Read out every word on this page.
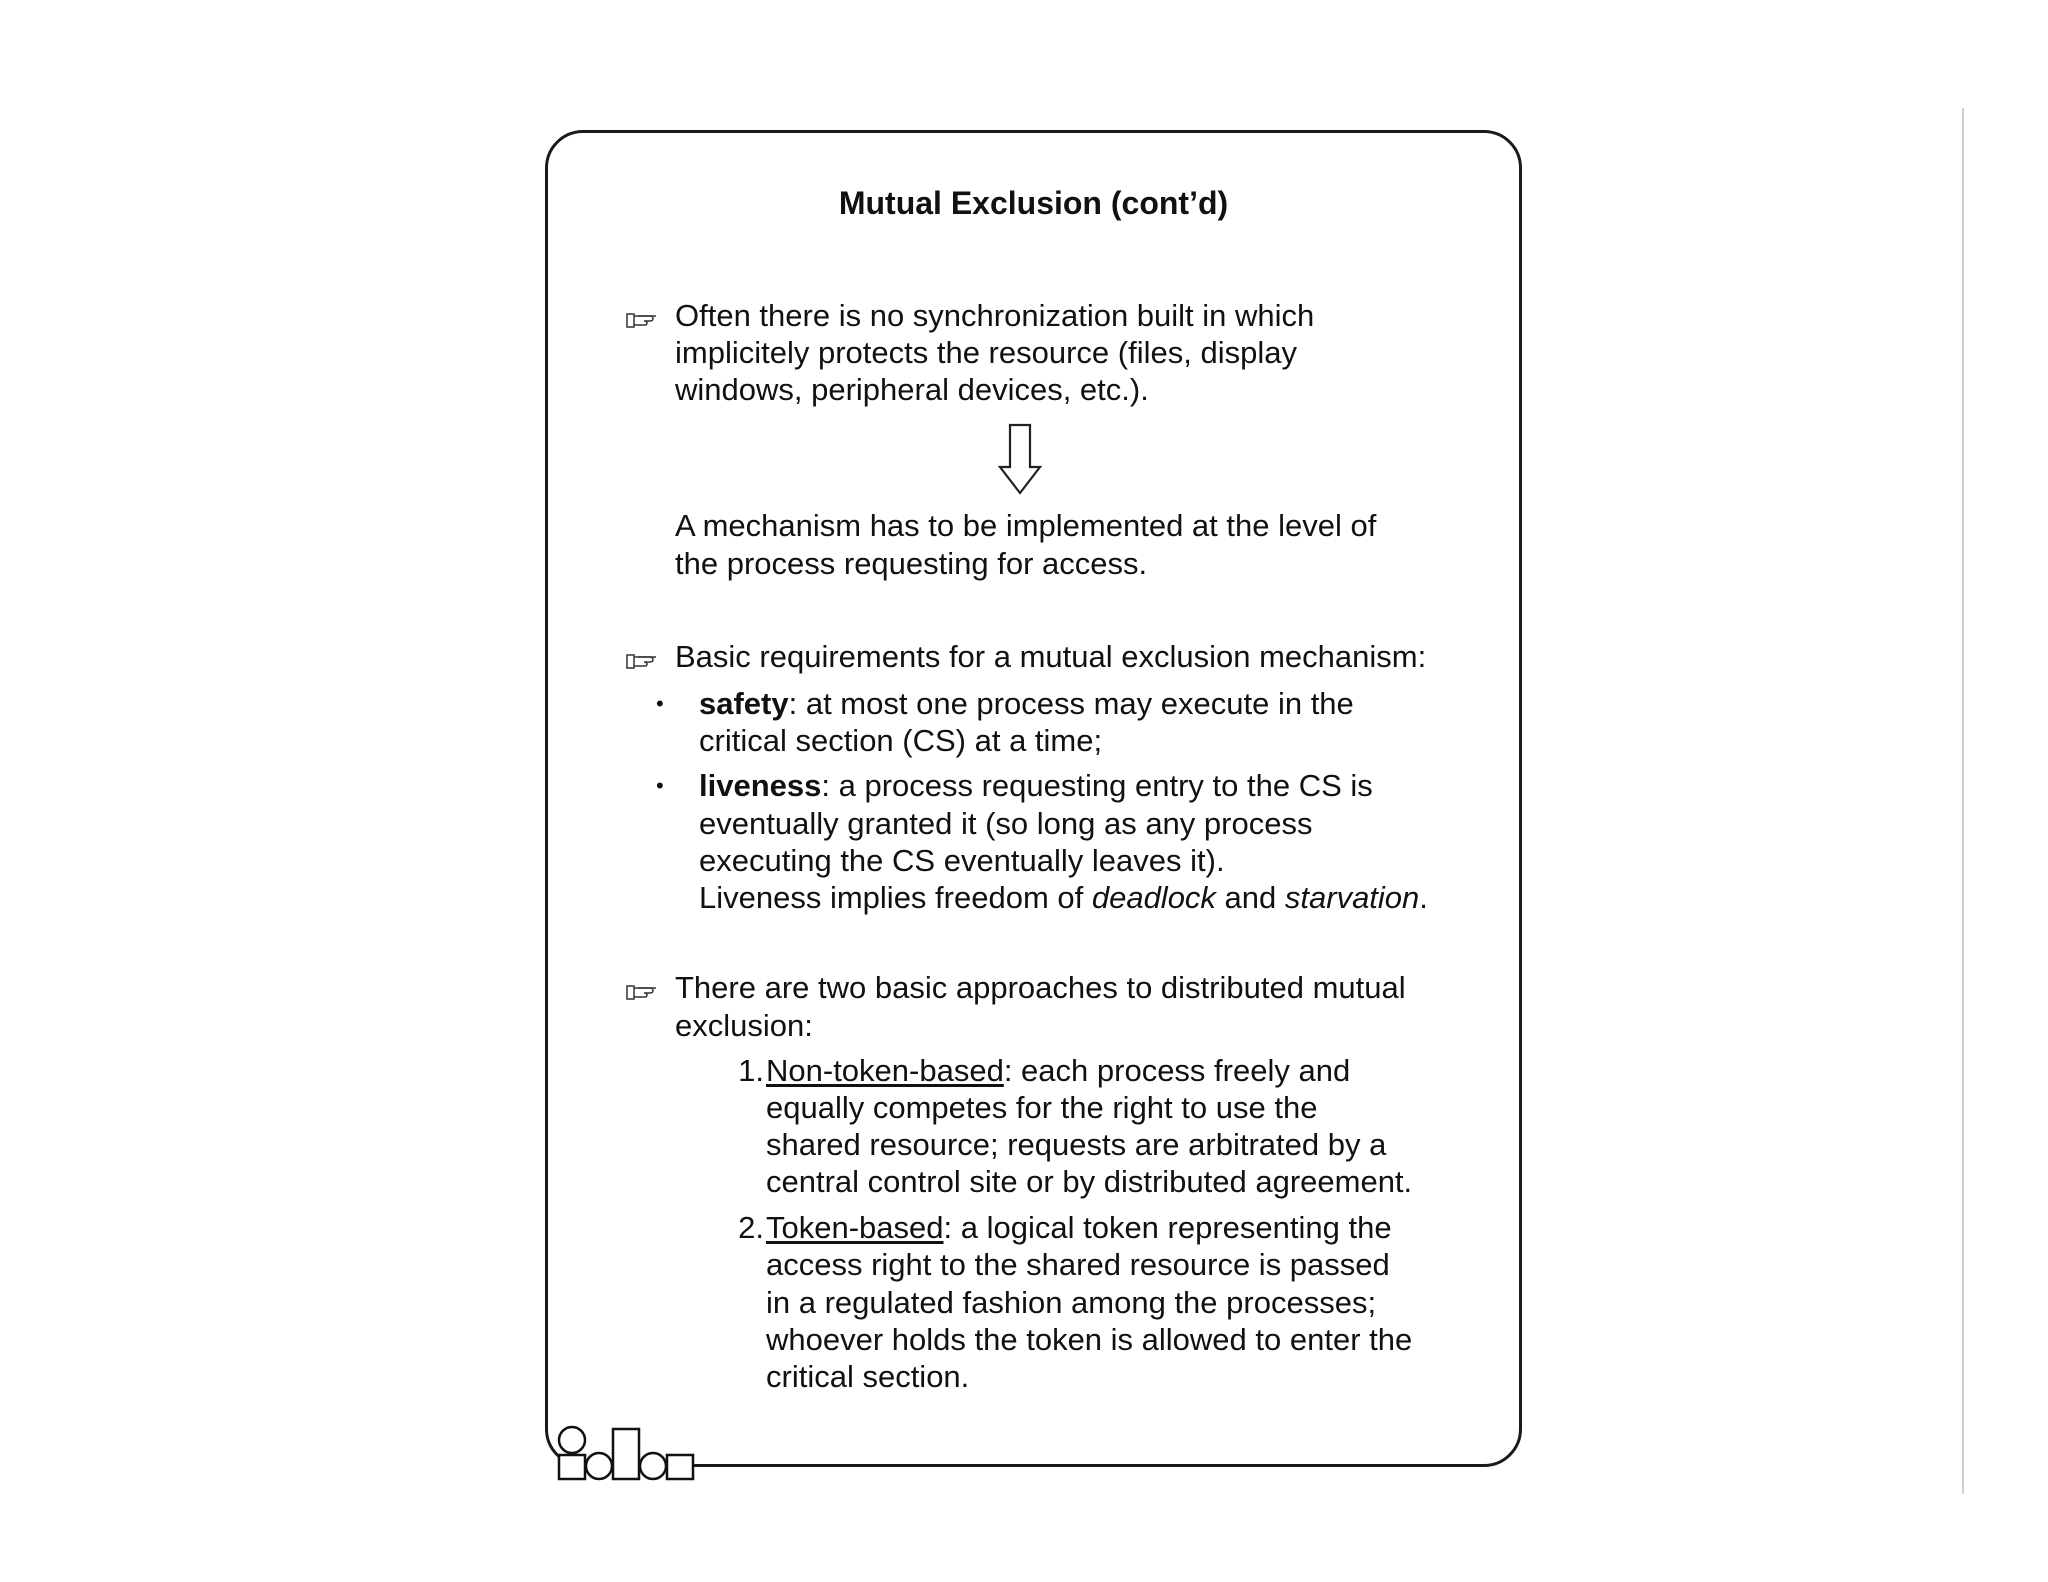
Mutual Exclusion (cont’d)
Often there is no synchronization built in which
implicitely protects the resource (files, display
windows, peripheral devices, etc.).
A mechanism has to be implemented at the level of
the process requesting for access.
Basic requirements for a mutual exclusion mechanism:
• safety: at most one process may execute in the
critical section (CS) at a time;
• liveness: a process requesting entry to the CS is
eventually granted it (so long as any process
executing the CS eventually leaves it).
Liveness implies freedom of deadlock and starvation.
There are two basic approaches to distributed mutual
exclusion:
1. Non-token-based: each process freely and
equally competes for the right to use the
shared resource; requests are arbitrated by a
central control site or by distributed agreement.
2. Token-based: a logical token representing the
access right to the shared resource is passed
in a regulated fashion among the processes;
whoever holds the token is allowed to enter the
critical section.
